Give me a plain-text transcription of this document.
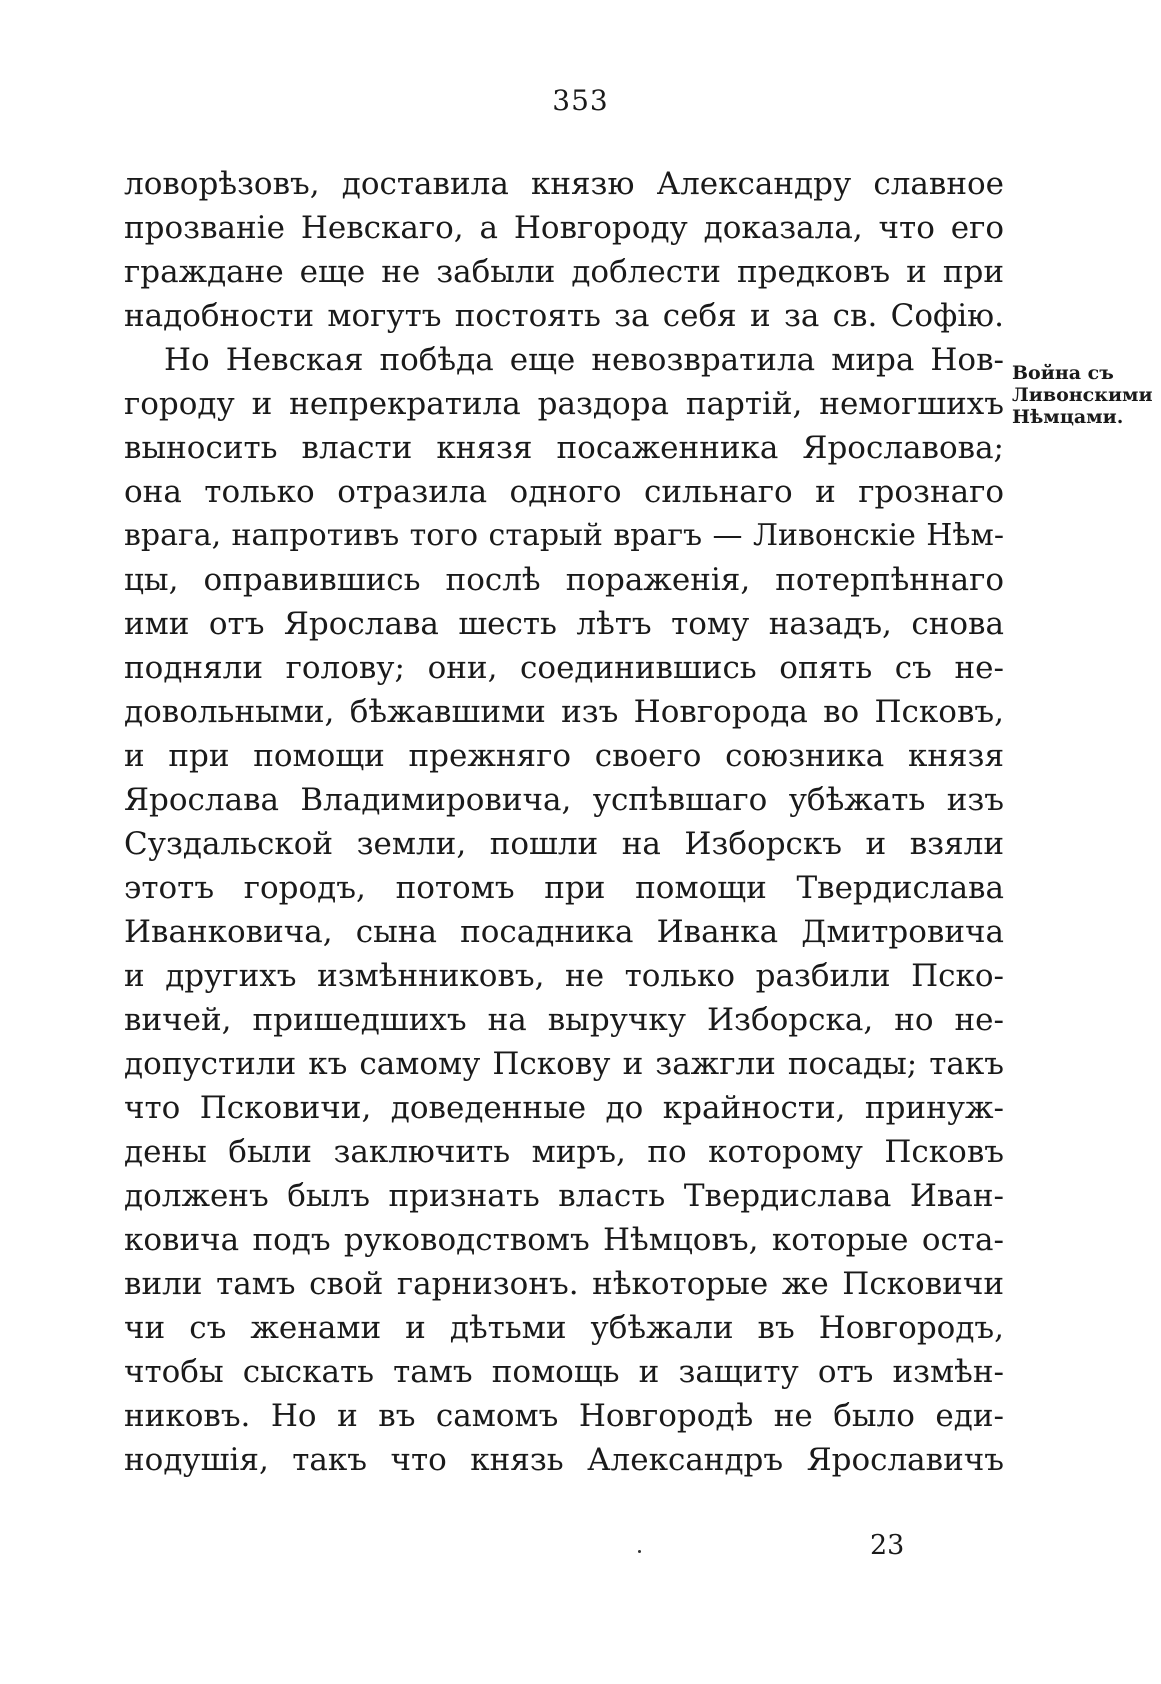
353
ловорѣзовъ, доставила князю Александру славное
прозваніе Невскаго, а Новгороду доказала, что его
граждане еще не забыли доблести предковъ и при
надобности могутъ постоять за себя и за св. Софію.
Но Невская побѣда еще невозвратила мира Нов-
городу и непрекратила раздора партій, немогшихъ
выносить власти князя посаженника Ярославова;
она только отразила одного сильнаго и грознаго
врага, напротивъ того старый врагъ — Ливонскіе Нѣм-
цы, оправившись послѣ пораженія, потерпѣннаго
ими отъ Ярослава шесть лѣтъ тому назадъ, снова
подняли голову; они, соединившись опять съ не-
довольными, бѣжавшими изъ Новгорода во Псковъ,
и при помощи прежняго своего союзника князя
Ярослава Владимировича, успѣвшаго убѣжать изъ
Суздальской земли, пошли на Изборскъ и взяли
этотъ городъ, потомъ при помощи Твердислава
Иванковича, сына посадника Иванка Дмитровича
и другихъ измѣнниковъ, не только разбили Пско-
вичей, пришедшихъ на выручку Изборска, но не-
допустили къ самому Пскову и зажгли посады; такъ
что Псковичи, доведенные до крайности, принуж-
дены были заключить миръ, по которому Псковъ
долженъ былъ признать власть Твердислава Иван-
ковича подъ руководствомъ Нѣмцовъ, которые оста-
вили тамъ свой гарнизонъ. нѣкоторые же Псковичи
чи съ женами и дѣтьми убѣжали въ Новгородъ,
чтобы сыскать тамъ помощь и защиту отъ измѣн-
никовъ. Но и въ самомъ Новгородѣ не было еди-
нодушія, такъ что князь Александръ Ярославичъ
Война съ
Ливонскими
Нѣмцами.
23
